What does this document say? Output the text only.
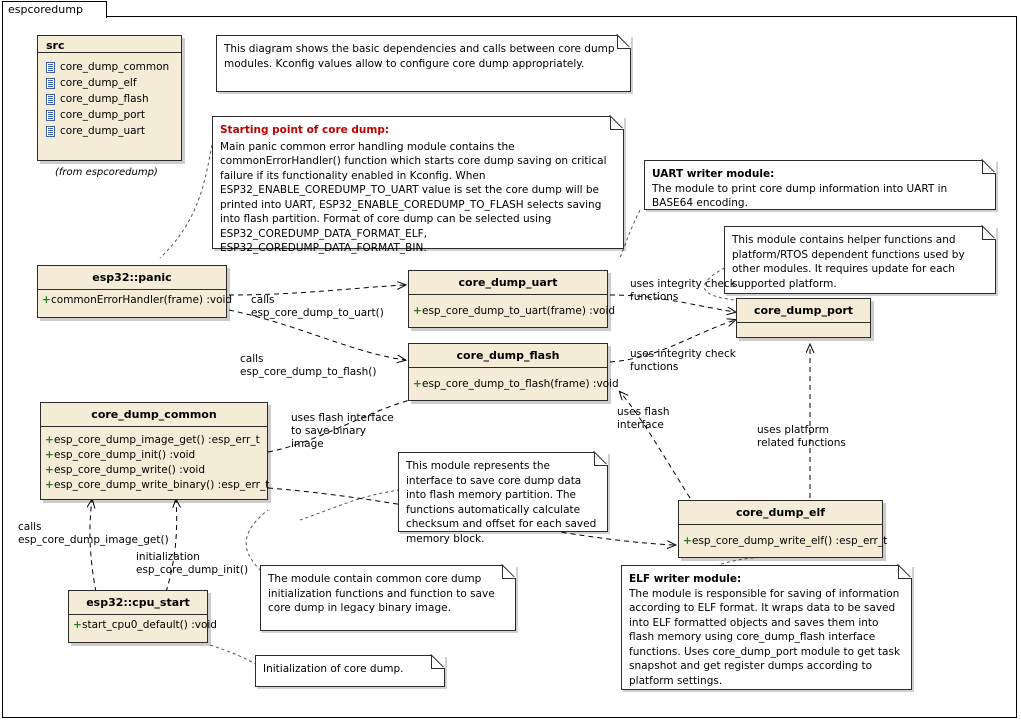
espcoredump
src
core_dump_common
core_dump_elf
core_dump_flash
core_dump_port
core_dump_uart
(from espcoredump)
This diagram shows the basic dependencies and calls between core dump modules. Kconfig values allow to configure core dump appropriately.
Starting point of core dump:
Main panic common error handling module contains the commonErrorHandler() function which starts core dump saving on critical failure if its functionality enabled in Kconfig. When ESP32_ENABLE_COREDUMP_TO_UART value is set the core dump will be printed into UART, ESP32_ENABLE_COREDUMP_TO_FLASH selects saving into flash partition. Format of core dump can be selected using ESP32_COREDUMP_DATA_FORMAT_ELF, ESP32_COREDUMP_DATA_FORMAT_BIN.
UART writer module:
The module to print core dump information into UART in BASE64 encoding.
This module contains helper functions and platform/RTOS dependent functions used by other modules. It requires update for each supported platform.
This module represents the interface to save core dump data into flash memory partition. The functions automatically calculate checksum and offset for each saved memory block.
The module contain common core dump initialization functions and function to save core dump in legacy binary image.
Initialization of core dump.
ELF writer module:
The module is responsible for saving of information according to ELF format. It wraps data to be saved into ELF formatted objects and saves them into flash memory using core_dump_flash interface functions. Uses core_dump_port module to get task snapshot and get register dumps according to platform settings.
esp32::panic
+commonErrorHandler(frame) :void
core_dump_uart
+esp_core_dump_to_uart(frame) :void
core_dump_flash
+esp_core_dump_to_flash(frame) :void
core_dump_port
core_dump_common
+esp_core_dump_image_get() :esp_err_t
+esp_core_dump_init() :void
+esp_core_dump_write() :void
+esp_core_dump_write_binary() :esp_err_t
core_dump_elf
+esp_core_dump_write_elf() :esp_err_t
esp32::cpu_start
+start_cpu0_default() :void
calls
esp_core_dump_to_uart()
calls
esp_core_dump_to_flash()
uses integrity check
functions
uses integrity check
functions
uses flash interface
to save binary
image
uses flash
interface	uses platform
related functions
calls
esp_core_dump_image_get()
initialization
esp_core_dump_init()
